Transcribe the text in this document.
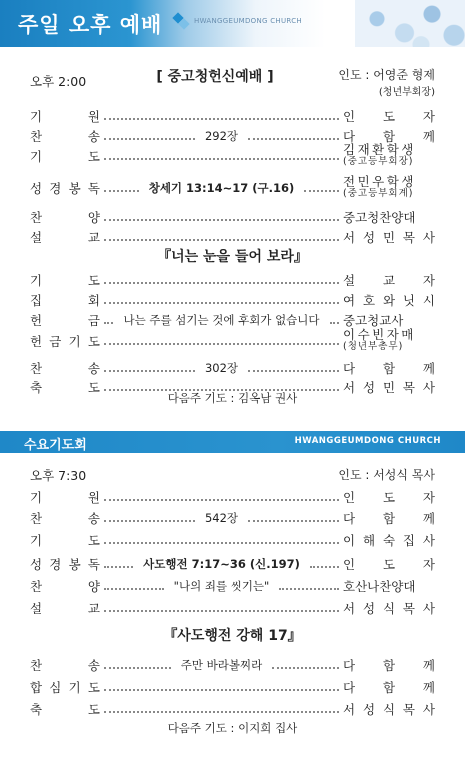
주일 오후 예배	HWANGGEUMDONG CHURCH
오후 2:00	[ 중고청헌신예배 ]	인도 : 어영준 형제
(청년부회장)
기	원	인 도 자
찬	송	292장	다 함 께
기	도	김재환학생
(중고등부회장)
성 경 봉 독	창세기 13:14~17 (구.16)	전민우학생
(중고등부회계)
찬	양	중고청찬양대
설	교	서 성 민 목 사
『너는 눈을 들어 보라』
기	도	설 교 자
집	회	여 호 와 닛 시
헌	금	나는 주를 섬기는 것에 후회가 없습니다	중고청교사
헌 금 기 도	이수빈자매
(청년부총무)
찬	송	302장	다 함 께
축	도	서 성 민 목 사
다음주 기도 : 김옥남 권사
수요기도회	HWANGGEUMDONG CHURCH
오후 7:30	인도 : 서성식 목사
기	원	인 도 자
찬	송	542장	다 함 께
기	도	이 해 숙 집 사
성 경 봉 독	사도행전 7:17~36 (신.197)	인 도 자
찬	양	"나의 죄를 씻기는"	호산나찬양대
설	교	서 성 식 목 사
『사도행전 강해 17』
찬	송	주만 바라볼찌라	다 함 께
합 심 기 도	다 함 께
축	도	서 성 식 목 사
다음주 기도 : 이지희 집사
